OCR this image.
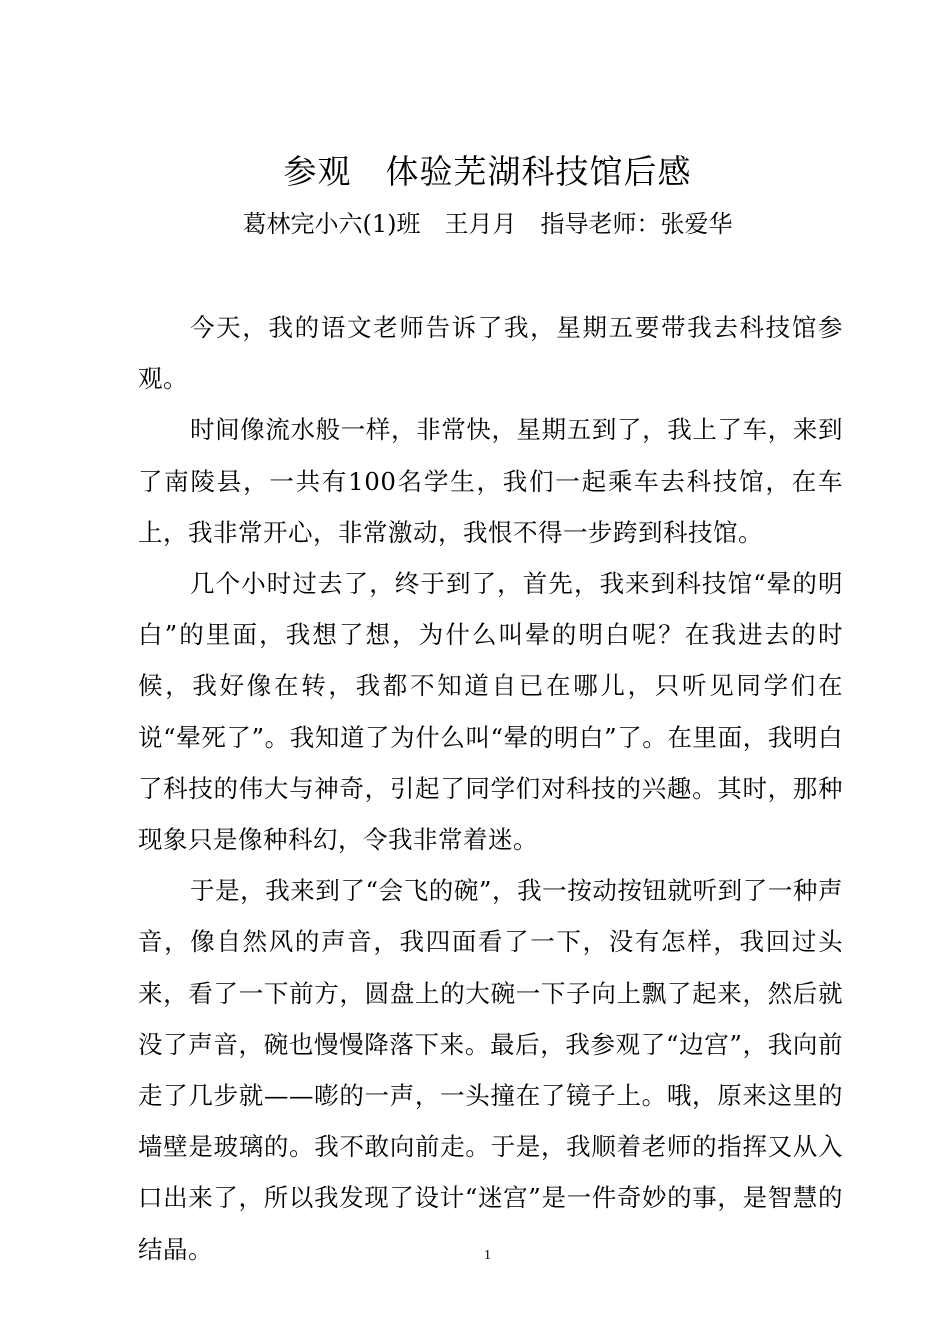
参观　体验芜湖科技馆后感
葛林完小六(1)班　王月月　指导老师：张爱华

今天，我的语文老师告诉了我，星期五要带我去科技馆参观。

时间像流水般一样，非常快，星期五到了，我上了车，来到了南陵县，一共有100名学生，我们一起乘车去科技馆，在车上，我非常开心，非常激动，我恨不得一步跨到科技馆。

几个小时过去了，终于到了，首先，我来到科技馆“晕的明白”的里面，我想了想，为什么叫晕的明白呢？在我进去的时候，我好像在转，我都不知道自已在哪儿，只听见同学们在说“晕死了”。我知道了为什么叫“晕的明白”了。在里面，我明白了科技的伟大与神奇，引起了同学们对科技的兴趣。其时，那种现象只是像种科幻，令我非常着迷。

于是，我来到了“会飞的碗”，我一按动按钮就听到了一种声音，像自然风的声音，我四面看了一下，没有怎样，我回过头来，看了一下前方，圆盘上的大碗一下子向上飘了起来，然后就没了声音，碗也慢慢降落下来。最后，我参观了“边宫”，我向前走了几步就——嘭的一声，一头撞在了镜子上。哦，原来这里的墙壁是玻璃的。我不敢向前走。于是，我顺着老师的指挥又从入口出来了，所以我发现了设计“迷宫”是一件奇妙的事，是智慧的结晶。	1
